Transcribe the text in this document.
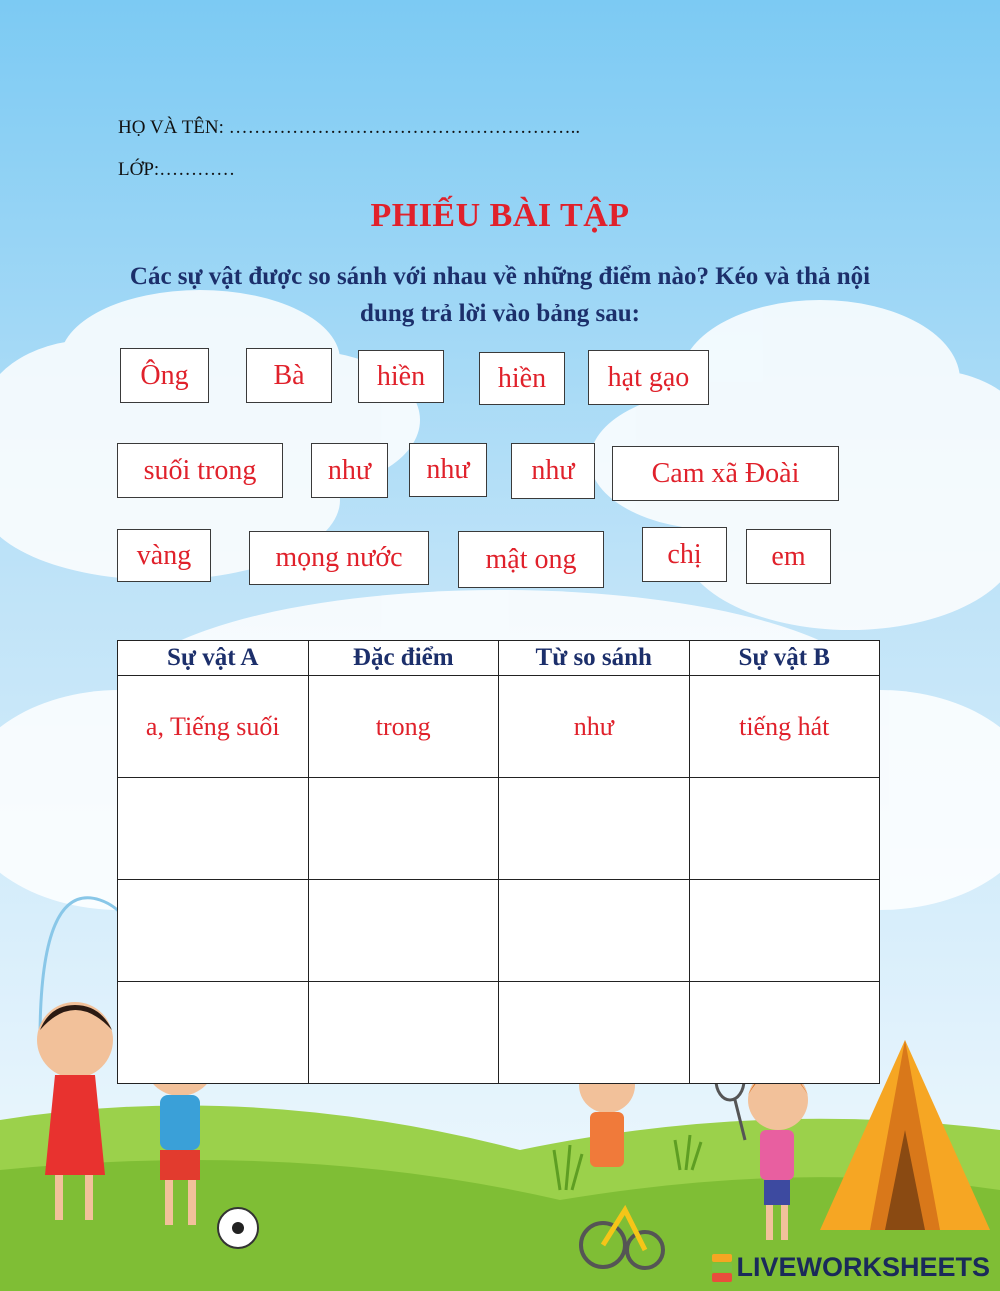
HỌ VÀ TÊN: ………………………………………………..
LỚP:…………
PHIẾU BÀI TẬP
Các sự vật được so sánh với nhau về những điểm nào? Kéo và thả nội dung trả lời vào bảng sau:
Ông	Bà	hiền	hiền	hạt gạo
suối trong	như	như	như	Cam xã Đoài
vàng	mọng nước	mật ong	chị	em
Sự vật A	Đặc điểm	Từ so sánh	Sự vật B
a, Tiếng suối	trong	như	tiếng hát

LIVEWORKSHEETS
